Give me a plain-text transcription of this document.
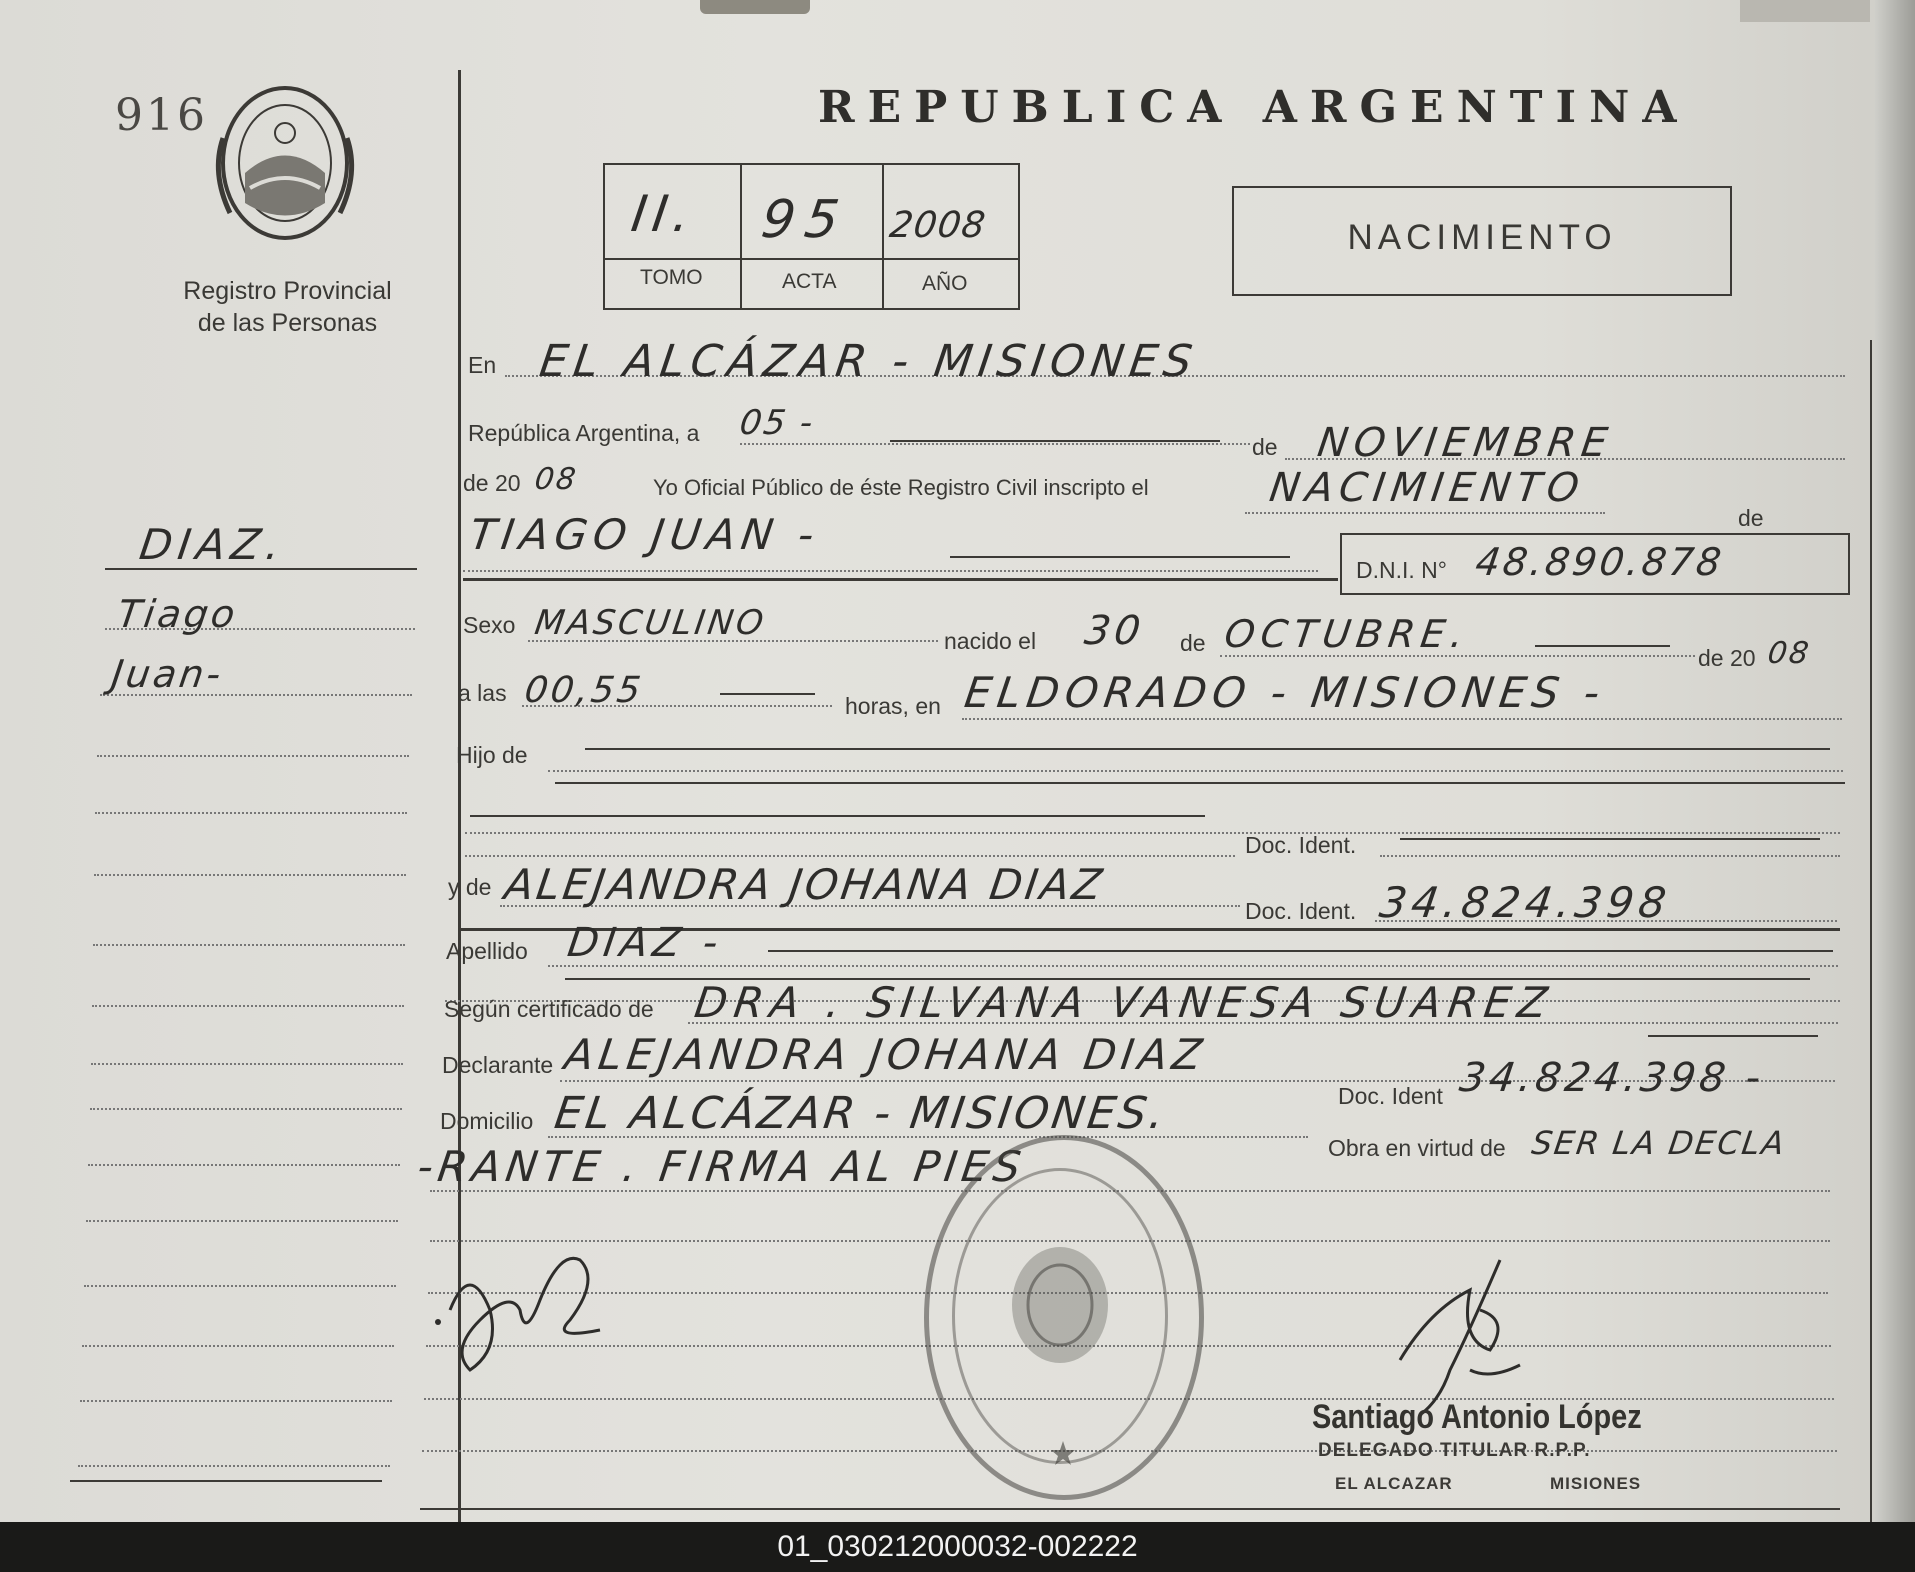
916
Registro Provincial
de las Personas
REPUBLICA ARGENTINA
II. 95 2008
TOMO	ACTA	AÑO
NACIMIENTO
DIAZ.
Tiago
Juan-
En EL ALCÁZAR - MISIONES
República Argentina, a
de
05 -	NOVIEMBRE
de 20 08	Yo Oficial Público de éste Registro Civil inscripto el	NACIMIENTO
de
TIAGO JUAN -
D.N.I. N° 48.890.878
Sexo MASCULINO	nacido el 30 de OCTUBRE.
de 20 08
a las 00,55	horas, en ELDORADO - MISIONES -
Hijo de
Doc. Ident.
y de ALEJANDRA JOHANA DIAZ
Doc. Ident. 34.824.398
Apellido DIAZ -
Según certificado de DRA . SILVANA VANESA SUAREZ
Declarante ALEJANDRA JOHANA DIAZ
Doc. Ident 34.824.398 -
Domicilio EL ALCÁZAR - MISIONES.
Obra en virtud de SER LA DECLA
-RANTE . FIRMA AL PIES
Santiago Antonio López
DELEGADO TITULAR R.P.P.
EL ALCAZAR	MISIONES
01_030212000032-002222
